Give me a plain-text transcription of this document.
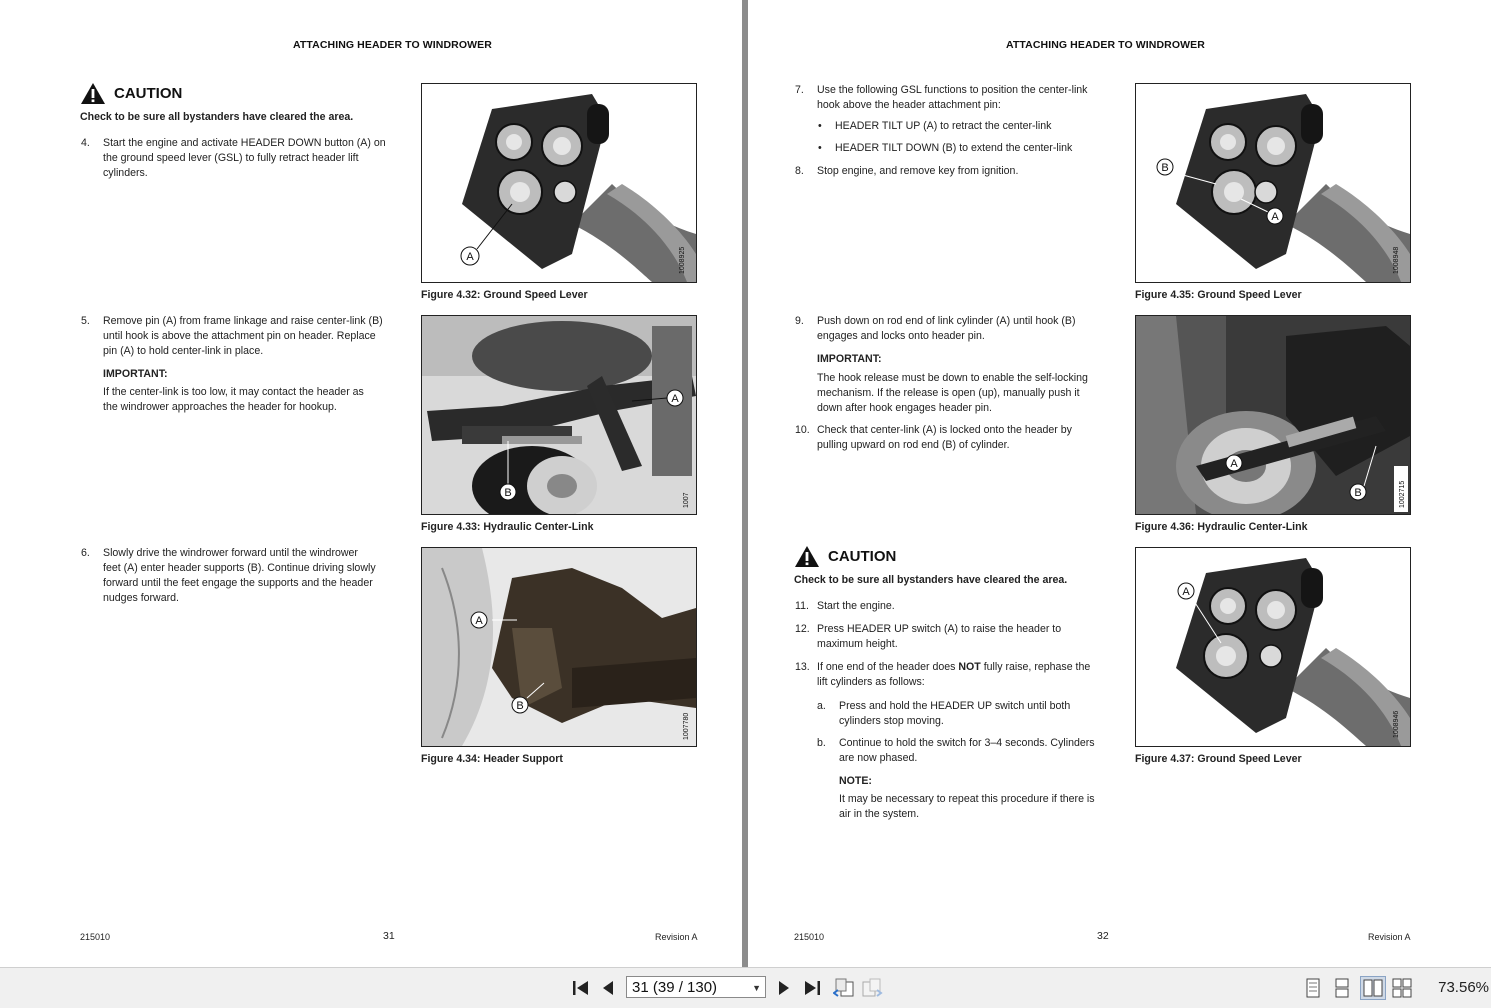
ATTACHING HEADER TO WINDROWER
CAUTION
Check to be sure all bystanders have cleared the area.
4. Start the engine and activate HEADER DOWN button (A) on
the ground speed lever (GSL) to fully retract header lift
cylinders.
5. Remove pin (A) from frame linkage and raise center-link (B)
until hook is above the attachment pin on header. Replace
pin (A) to hold center-link in place.
IMPORTANT:
If the center-link is too low, it may contact the header as
the windrower approaches the header for hookup.
6. Slowly drive the windrower forward until the windrower
feet (A) enter header supports (B). Continue driving slowly
forward until the feet engage the supports and the header
nudges forward.
A	1008925
Figure 4.32: Ground Speed Lever
A
B	1007
Figure 4.33: Hydraulic Center-Link
A
B
1007780
Figure 4.34: Header Support
215010	31	Revision A
ATTACHING HEADER TO WINDROWER
7. Use the following GSL functions to position the center-link
hook above the header attachment pin:
• HEADER TILT UP (A) to retract the center-link
• HEADER TILT DOWN (B) to extend the center-link
8. Stop engine, and remove key from ignition.
9. Push down on rod end of link cylinder (A) until hook (B)
engages and locks onto header pin.
IMPORTANT:
The hook release must be down to enable the self-locking
mechanism. If the release is open (up), manually push it
down after hook engages header pin.
10. Check that center-link (A) is locked onto the header by
pulling upward on rod end (B) of cylinder.
CAUTION
Check to be sure all bystanders have cleared the area.
11. Start the engine.
12. Press HEADER UP switch (A) to raise the header to
maximum height.
13. If one end of the header does NOT fully raise, rephase the
lift cylinders as follows:
a. Press and hold the HEADER UP switch until both
cylinders stop moving.
b. Continue to hold the switch for 3–4 seconds. Cylinders
are now phased.
NOTE:
It may be necessary to repeat this procedure if there is
air in the system.
B
A
1008948
Figure 4.35: Ground Speed Lever
A
B	1002715
Figure 4.36: Hydraulic Center-Link
A
1008946
Figure 4.37: Ground Speed Lever
215010	32	Revision A
31 (39 / 130)	▼	73.56%
